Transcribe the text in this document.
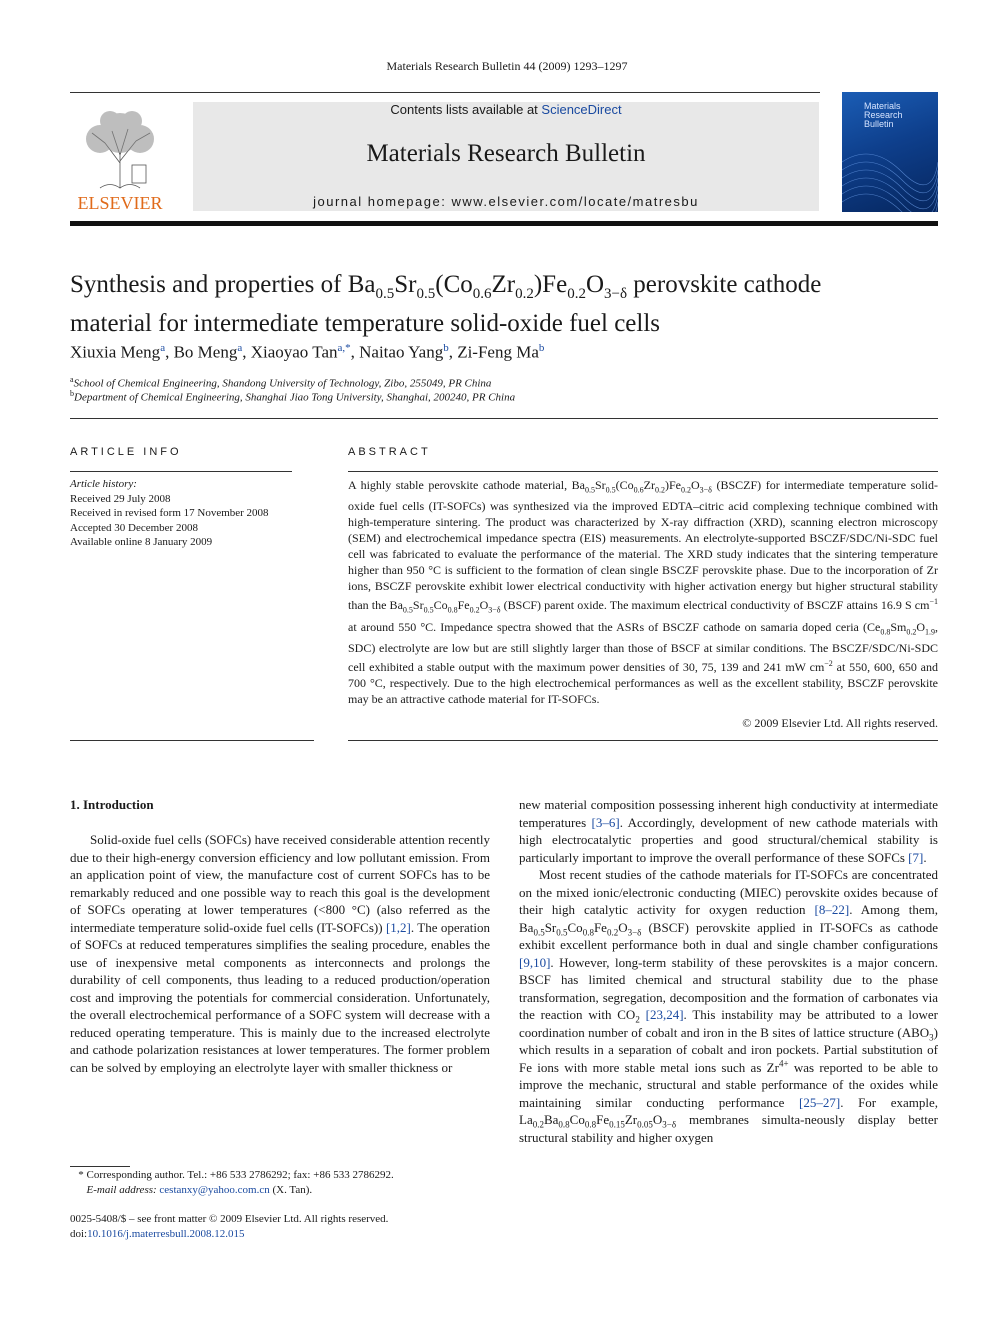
Materials Research Bulletin 44 (2009) 1293–1297
Contents lists available at ScienceDirect
Materials Research Bulletin
journal homepage: www.elsevier.com/locate/matresbu
ELSEVIER
Materials
Research
Bulletin
Synthesis and properties of $Ba_{0.5}Sr_{0.5}(Co_{0.6}Zr_{0.2})Fe_{0.2}O_{3-\delta}$ perovskite cathode
material for intermediate temperature solid-oxide fuel cells
Xiuxia Meng$^a$, Bo Meng$^a$, Xiaoyao Tan$^{a,*}$, Naitao Yang$^b$, Zi-Feng Ma$^b$
$^a$School of Chemical Engineering, Shandong University of Technology, Zibo, 255049, PR China
$^b$Department of Chemical Engineering, Shanghai Jiao Tong University, Shanghai, 200240, PR China
ARTICLE INFO
Article history:
Received 29 July 2008
Received in revised form 17 November 2008
Accepted 30 December 2008
Available online 8 January 2009
ABSTRACT
A highly stable perovskite cathode material, $Ba_{0.5}Sr_{0.5}(Co_{0.6}Zr_{0.2})Fe_{0.2}O_{3-\delta}$ (BSCZF) for intermediate temperature solid-oxide fuel cells (IT-SOFCs) was synthesized via the improved EDTA–citric acid complexing technique combined with high-temperature sintering. The product was characterized by X-ray diffraction (XRD), scanning electron microscopy (SEM) and electrochemical impedance spectra (EIS) measurements. An electrolyte-supported BSCZF/SDC/Ni-SDC fuel cell was fabricated to evaluate the performance of the material. The XRD study indicates that the sintering temperature higher than 950 °C is sufficient to the formation of clean single BSCZF perovskite phase. Due to the incorporation of Zr ions, BSCZF perovskite exhibit lower electrical conductivity with higher activation energy but higher structural stability than the $Ba_{0.5}Sr_{0.5}Co_{0.8}Fe_{0.2}O_{3-\delta}$ (BSCF) parent oxide. The maximum electrical conductivity of BSCZF attains 16.9 S $cm^{-1}$ at around 550 °C. Impedance spectra showed that the ASRs of BSCZF cathode on samaria doped ceria ($Ce_{0.8}Sm_{0.2}O_{1.9}$, SDC) electrolyte are low but are still slightly larger than those of BSCF at similar conditions. The BSCZF/SDC/Ni-SDC cell exhibited a stable output with the maximum power densities of 30, 75, 139 and 241 mW $cm^{-2}$ at 550, 600, 650 and 700 °C, respectively. Due to the high electrochemical performances as well as the excellent stability, BSCZF perovskite may be an attractive cathode material for IT-SOFCs.
© 2009 Elsevier Ltd. All rights reserved.
1. Introduction

Solid-oxide fuel cells (SOFCs) have received considerable attention recently due to their high-energy conversion efficiency and low pollutant emission. From an application point of view, the manufacture cost of current SOFCs has to be remarkably reduced and one possible way to reach this goal is the development of SOFCs operating at lower temperatures (<800 °C) (also referred as the intermediate temperature solid-oxide fuel cells (IT-SOFCs)) [1,2]. The operation of SOFCs at reduced temperatures simplifies the sealing procedure, enables the use of inexpensive metal components as interconnects and prolongs the durability of cell components, thus leading to a reduced production/operation cost and improving the potentials for commercial consideration. Unfortunately, the overall electrochemical performance of a SOFC system will decrease with a reduced operating temperature. This is mainly due to the increased electrolyte and cathode polarization resistances at lower temperatures. The former problem can be solved by employing an electrolyte layer with smaller thickness or

new material composition possessing inherent high conductivity at intermediate temperatures [3–6]. Accordingly, development of new cathode materials with high electrocatalytic properties and good structural/chemical stability is particularly important to improve the overall performance of these SOFCs [7].

Most recent studies of the cathode materials for IT-SOFCs are concentrated on the mixed ionic/electronic conducting (MIEC) perovskite oxides because of their high catalytic activity for oxygen reduction [8–22]. Among them, $Ba_{0.5}Sr_{0.5}Co_{0.8}Fe_{0.2}O_{3-\delta}$ (BSCF) perovskite applied in IT-SOFCs as cathode exhibit excellent performance both in dual and single chamber configurations [9,10]. However, long-term stability of these perovskites is a major concern. BSCF has limited chemical and structural stability due to the phase transformation, segregation, decomposition and the formation of carbonates via the reaction with $CO_2$ [23,24]. This instability may be attributed to a lower coordination number of cobalt and iron in the B sites of lattice structure $(ABO_3)$ which results in a separation of cobalt and iron pockets. Partial substitution of Fe ions with more stable metal ions such as $Zr^{4+}$ was reported to be able to improve the mechanic, structural and stable performance of the oxides while maintaining similar conducting performance [25–27]. For example, $La_{0.2}Ba_{0.8}Co_{0.8}Fe_{0.15}Zr_{0.05}O_{3-\delta}$ membranes simulta-neously display better structural stability and higher oxygen

* Corresponding author. Tel.: +86 533 2786292; fax: +86 533 2786292.
E-mail address: cestanxy@yahoo.com.cn (X. Tan).
0025-5408/$ – see front matter © 2009 Elsevier Ltd. All rights reserved.
doi:10.1016/j.materresbull.2008.12.015
